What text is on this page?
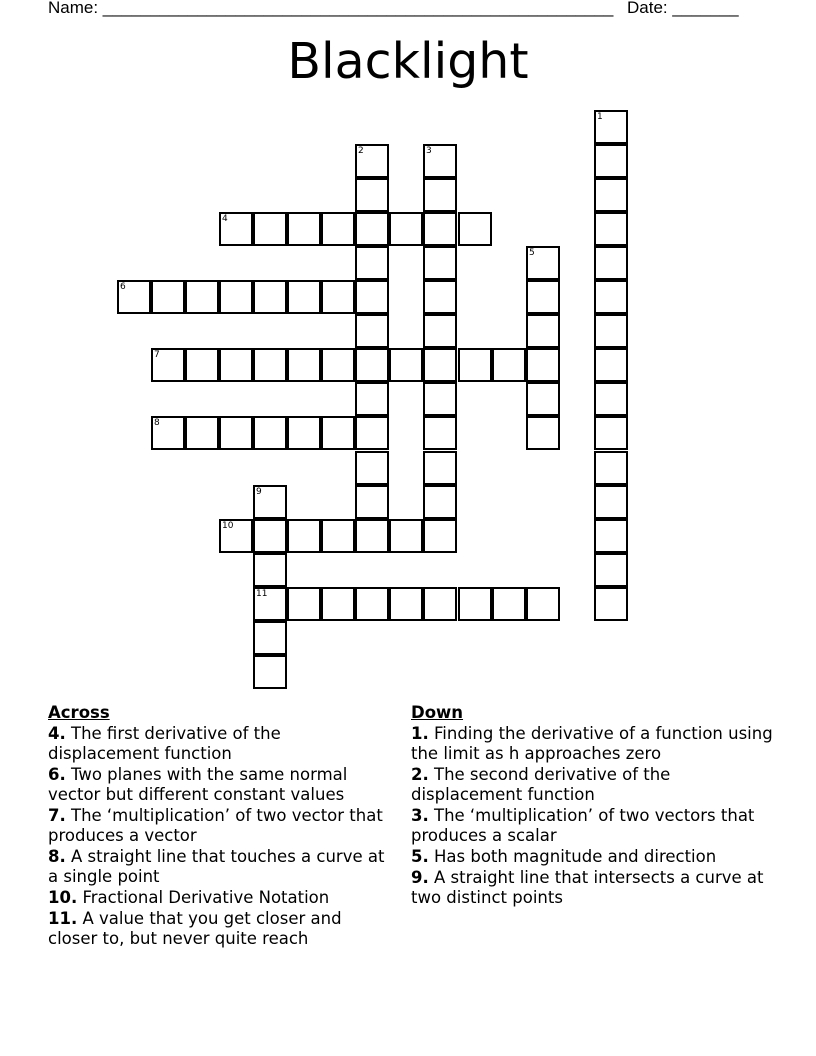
Name: ______________________________________________________ Date: _______
Blacklight
1
2	3
4
5
6
7
8
9
11
10
Across
4. The first derivative of the displacement function
6. Two planes with the same normal vector but different constant values
7. The ‘multiplication’ of two vector that produces a vector
8. A straight line that touches a curve at a single point
10. Fractional Derivative Notation
11. A value that you get closer and closer to, but never quite reach
Down
1. Finding the derivative of a function using the limit as h approaches zero
2. The second derivative of the displacement function
3. The ‘multiplication’ of two vectors that produces a scalar
5. Has both magnitude and direction
9. A straight line that intersects a curve at two distinct points
